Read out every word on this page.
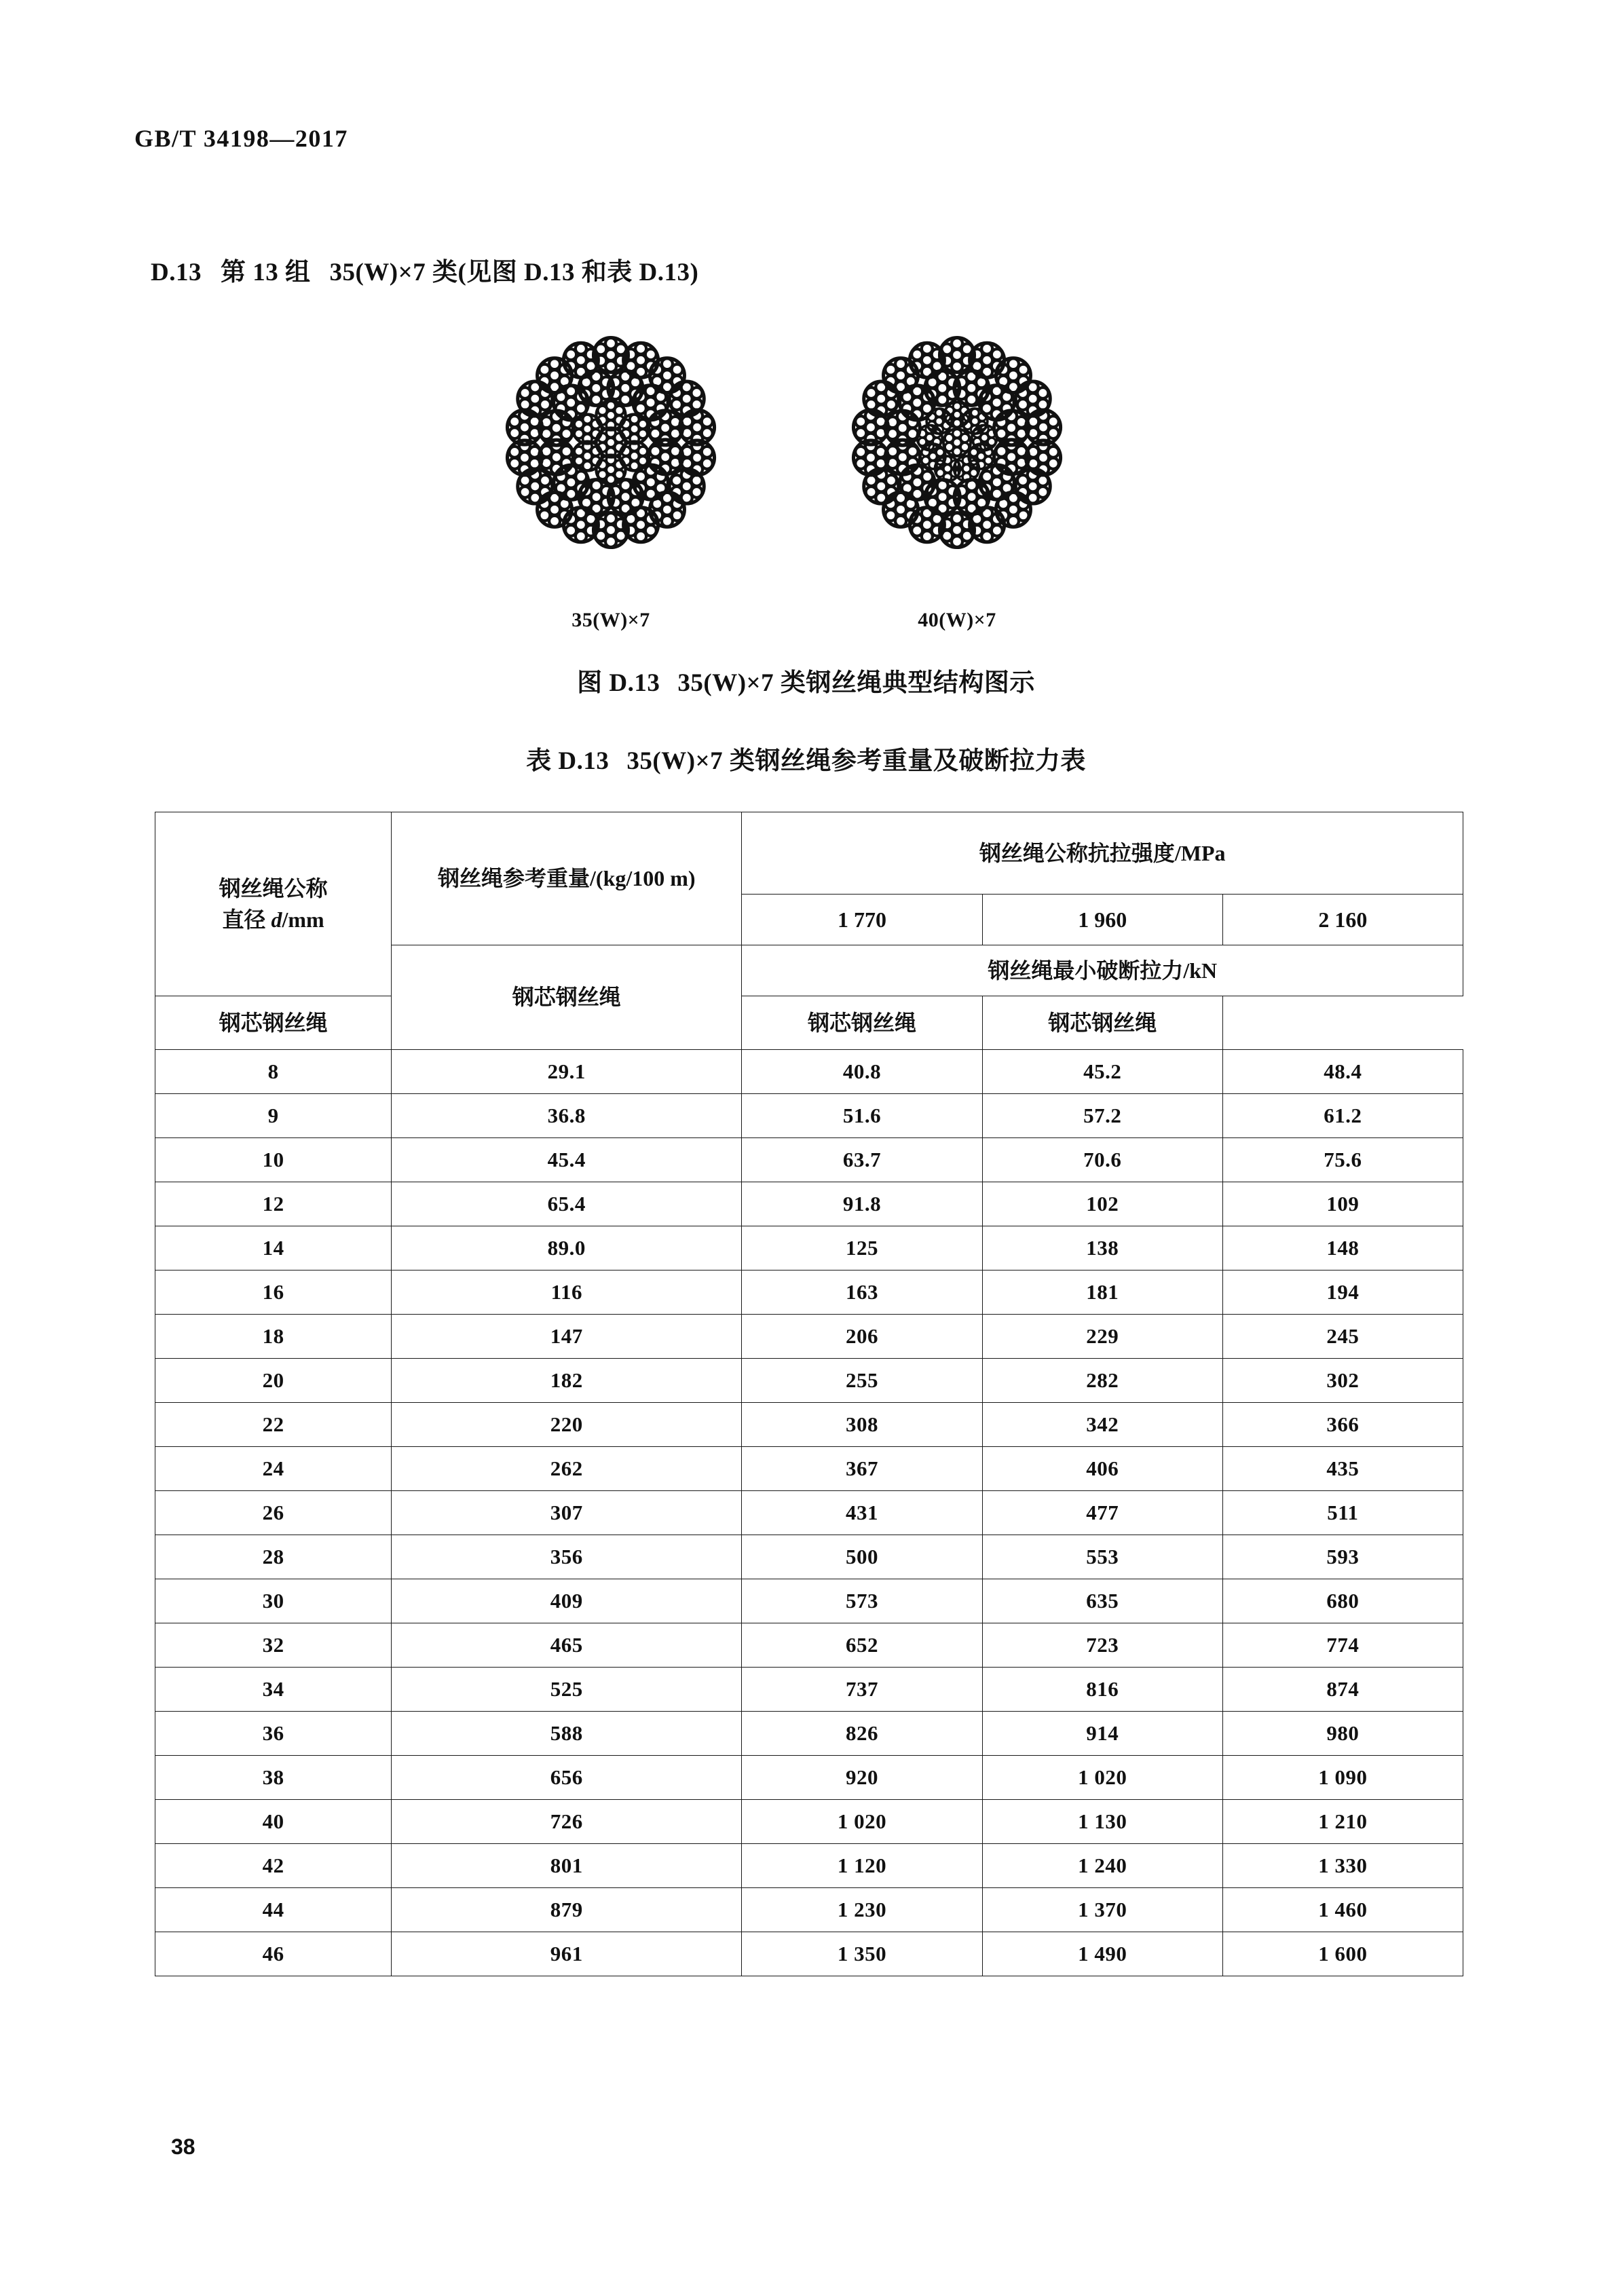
GB/T 34198—2017
D.13 第 13 组 35(W)×7 类(见图 D.13 和表 D.13)
35(W)×7	40(W)×7
图 D.13 35(W)×7 类钢丝绳典型结构图示
表 D.13 35(W)×7 类钢丝绳参考重量及破断拉力表
钢丝绳公称
直径 d/mm	钢丝绳参考重量/(kg/100 m)	钢丝绳公称抗拉强度/MPa		
		1 770	1 960	2 160
	钢芯钢丝绳	钢丝绳最小破断拉力/kN		
钢芯钢丝绳		钢芯钢丝绳	钢芯钢丝绳	
8	29.1	40.8	45.2	48.4
9	36.8	51.6	57.2	61.2
10	45.4	63.7	70.6	75.6
12	65.4	91.8	102	109
14	89.0	125	138	148
16	116	163	181	194
18	147	206	229	245
20	182	255	282	302
22	220	308	342	366
24	262	367	406	435
26	307	431	477	511
28	356	500	553	593
30	409	573	635	680
32	465	652	723	774
34	525	737	816	874
36	588	826	914	980
38	656	920	1 020	1 090
40	726	1 020	1 130	1 210
42	801	1 120	1 240	1 330
44	879	1 230	1 370	1 460
46	961	1 350	1 490	1 600
38
